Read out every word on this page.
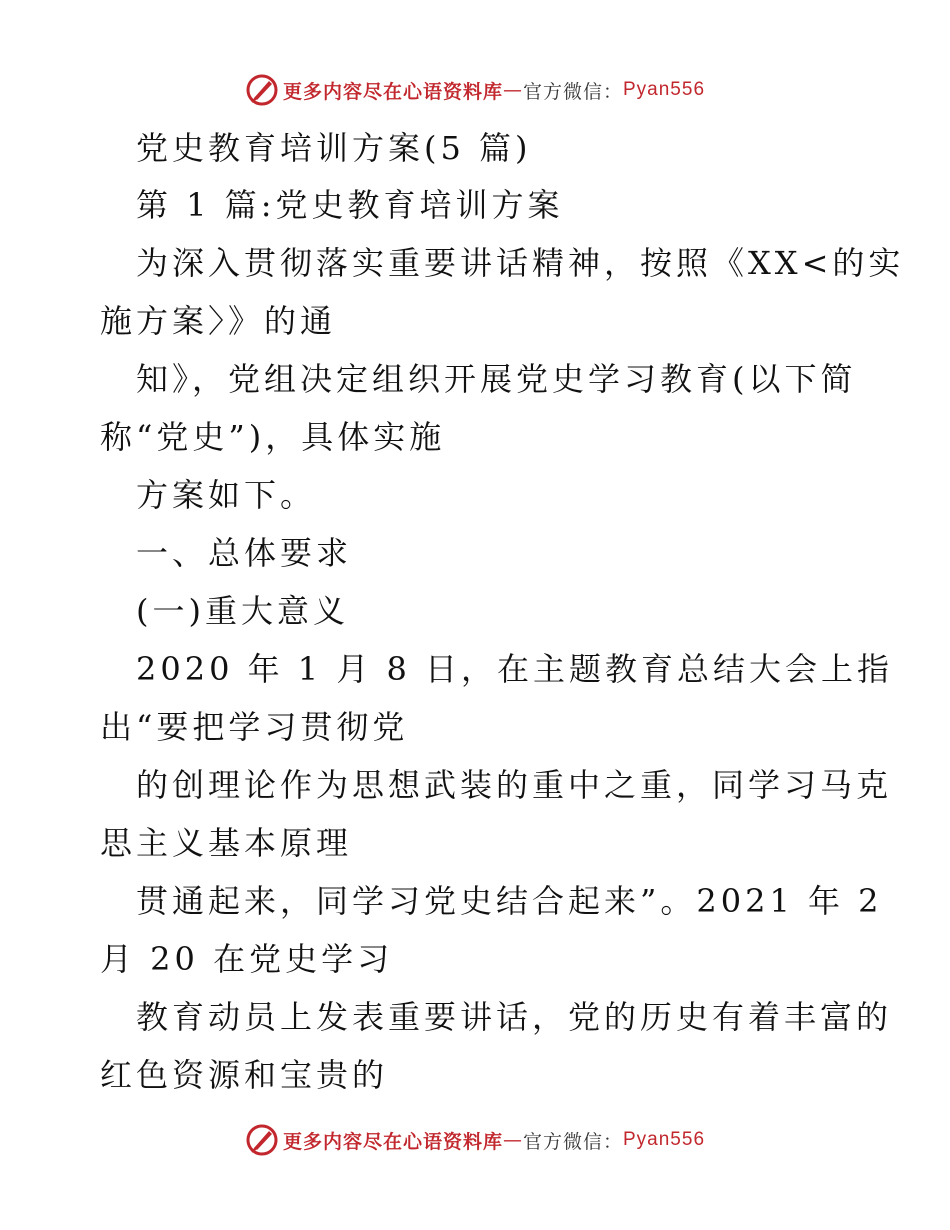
更多内容尽在心语资料库 — 官方微信： Pyan556
党史教育培训方案(5 篇)
第 1 篇:党史教育培训方案
为深入贯彻落实重要讲话精神，按照《XX<的实
施方案〉》的通
知》，党组决定组织开展党史学习教育(以下简
称“党史”)，具体实施
方案如下。
一、总体要求
(一)重大意义
2020 年 1 月 8 日，在主题教育总结大会上指
出“要把学习贯彻党
的创理论作为思想武装的重中之重，同学习马克
思主义基本原理
贯通起来，同学习党史结合起来”。2021 年 2
月 20 在党史学习
教育动员上发表重要讲话，党的历史有着丰富的
红色资源和宝贵的
更多内容尽在心语资料库 — 官方微信： Pyan556
